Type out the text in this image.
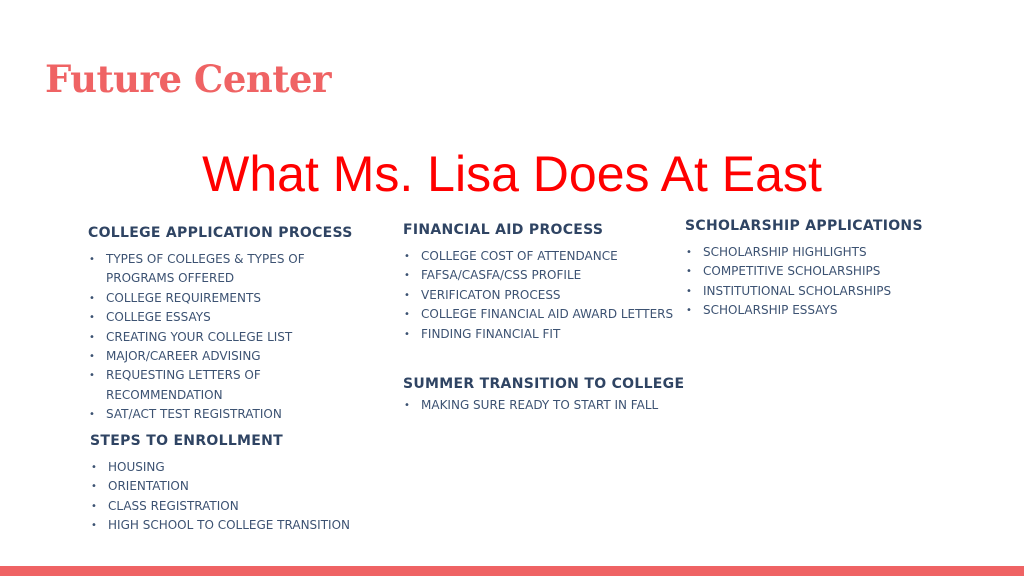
Future Center
What Ms. Lisa Does At East
COLLEGE APPLICATION PROCESS
• TYPES OF COLLEGES & TYPES OF PROGRAMS OFFERED
• COLLEGE REQUIREMENTS
• COLLEGE ESSAYS
• CREATING YOUR COLLEGE LIST
• MAJOR/CAREER ADVISING
• REQUESTING LETTERS OF RECOMMENDATION
• SAT/ACT TEST REGISTRATION
STEPS TO ENROLLMENT
• HOUSING
• ORIENTATION
• CLASS REGISTRATION
• HIGH SCHOOL TO COLLEGE TRANSITION
FINANCIAL AID PROCESS
• COLLEGE COST OF ATTENDANCE
• FAFSA/CASFA/CSS PROFILE
• VERIFICATON PROCESS
• COLLEGE FINANCIAL AID AWARD LETTERS
• FINDING FINANCIAL FIT
SUMMER TRANSITION TO COLLEGE
• MAKING SURE READY TO START IN FALL
SCHOLARSHIP APPLICATIONS
• SCHOLARSHIP HIGHLIGHTS
• COMPETITIVE SCHOLARSHIPS
• INSTITUTIONAL SCHOLARSHIPS
• SCHOLARSHIP ESSAYS
